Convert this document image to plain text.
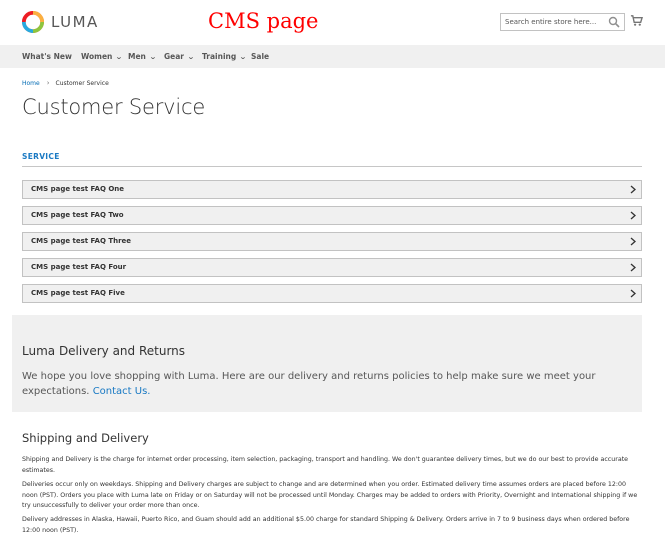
LUMA	CMS page
Search entire store here...
What's New Women ⌄ Men ⌄ Gear ⌄ Training ⌄ Sale
Home › Customer Service
Customer Service
SERVICE
CMS page test FAQ One
CMS page test FAQ Two
CMS page test FAQ Three
CMS page test FAQ Four
CMS page test FAQ Five
Luma Delivery and Returns
We hope you love shopping with Luma. Here are our delivery and returns policies to help make sure we meet your expectations. Contact Us.
Shipping and Delivery

Shipping and Delivery is the charge for internet order processing, item selection, packaging, transport and handling. We don't guarantee delivery times, but we do our best to provide accurate estimates.

Deliveries occur only on weekdays. Shipping and Delivery charges are subject to change and are determined when you order. Estimated delivery time assumes orders are placed before 12:00 noon (PST). Orders you place with Luma late on Friday or on Saturday will not be processed until Monday. Charges may be added to orders with Priority, Overnight and International shipping if we try unsuccessfully to deliver your order more than once.

Delivery addresses in Alaska, Hawaii, Puerto Rico, and Guam should add an additional $5.00 charge for standard Shipping & Delivery. Orders arrive in 7 to 9 business days when ordered before 12:00 noon (PST).
